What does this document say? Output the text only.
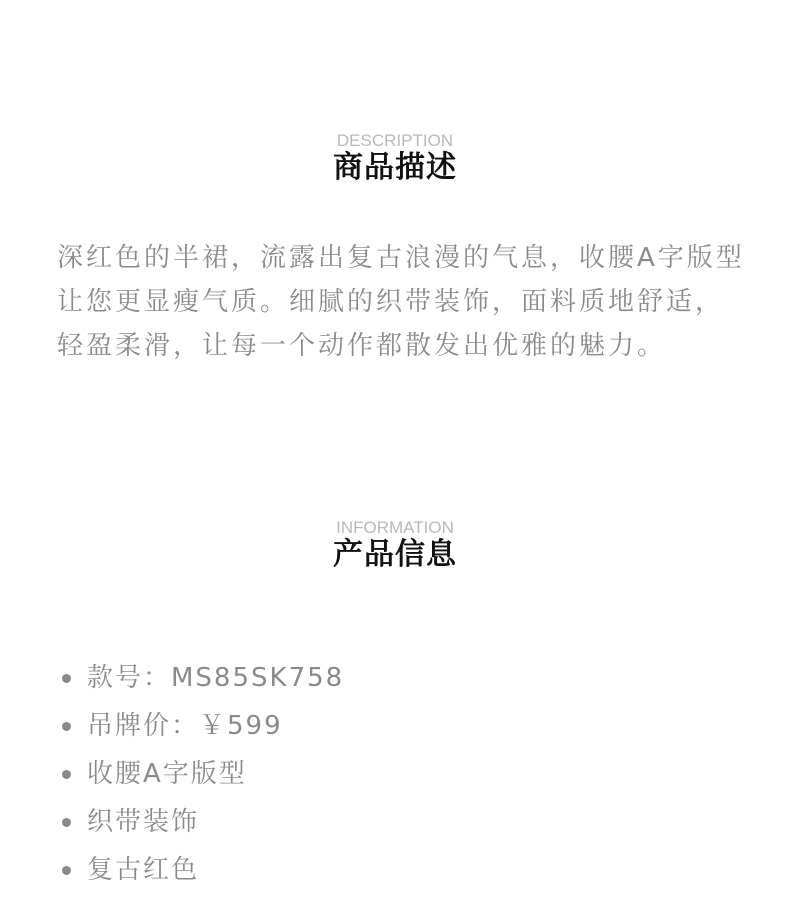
DESCRIPTION
商品描述

深红色的半裙，流露出复古浪漫的气息，收腰A字版型让您更显瘦气质。细腻的织带装饰，面料质地舒适，轻盈柔滑，让每一个动作都散发出优雅的魅力。

INFORMATION
产品信息
款号：MS85SK758
吊牌价：￥599
收腰A字版型
织带装饰
复古红色
